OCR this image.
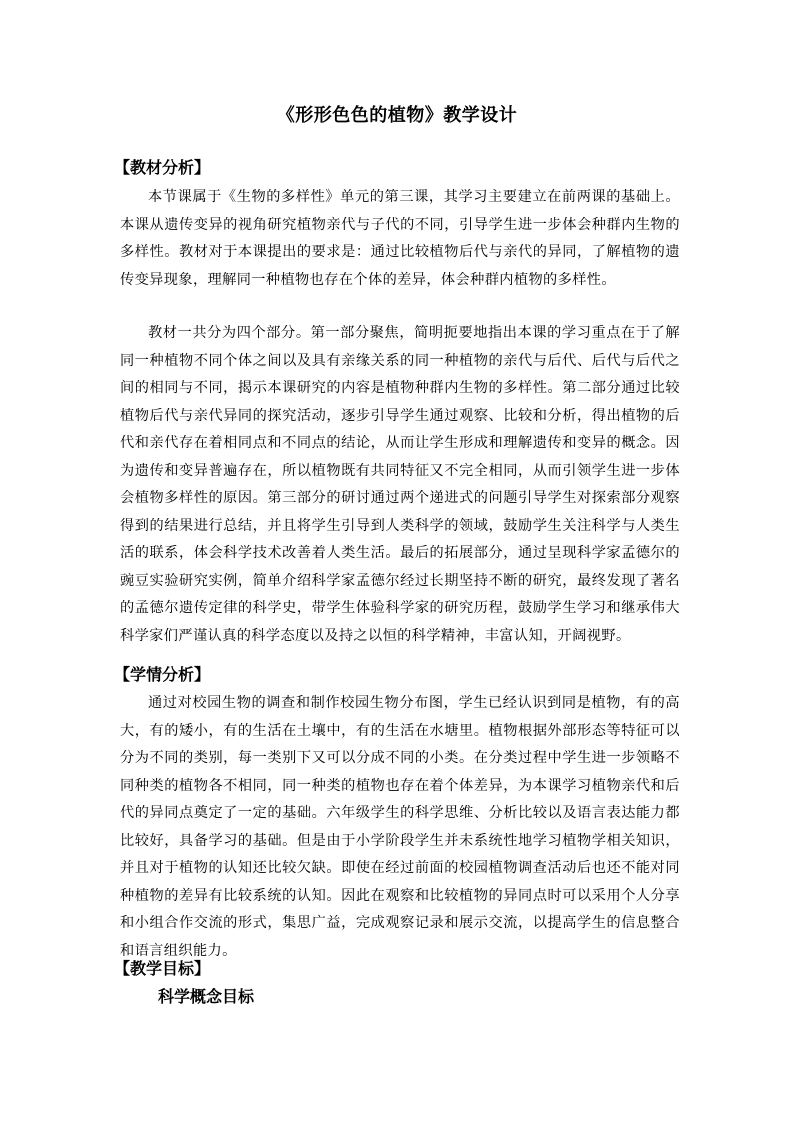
《形形色色的植物》教学设计
【教材分析】

本节课属于《生物的多样性》单元的第三课，其学习主要建立在前两课的基础上。本课从遗传变异的视角研究植物亲代与子代的不同，引导学生进一步体会种群内生物的多样性。教材对于本课提出的要求是：通过比较植物后代与亲代的异同，了解植物的遗传变异现象，理解同一种植物也存在个体的差异，体会种群内植物的多样性。

教材一共分为四个部分。第一部分聚焦，简明扼要地指出本课的学习重点在于了解同一种植物不同个体之间以及具有亲缘关系的同一种植物的亲代与后代、后代与后代之间的相同与不同，揭示本课研究的内容是植物种群内生物的多样性。第二部分通过比较植物后代与亲代异同的探究活动，逐步引导学生通过观察、比较和分析，得出植物的后代和亲代存在着相同点和不同点的结论，从而让学生形成和理解遗传和变异的概念。因为遗传和变异普遍存在，所以植物既有共同特征又不完全相同，从而引领学生进一步体会植物多样性的原因。第三部分的研讨通过两个递进式的问题引导学生对探索部分观察得到的结果进行总结，并且将学生引导到人类科学的领域，鼓励学生关注科学与人类生活的联系，体会科学技术改善着人类生活。最后的拓展部分，通过呈现科学家孟德尔的豌豆实验研究实例，简单介绍科学家孟德尔经过长期坚持不断的研究，最终发现了著名的孟德尔遗传定律的科学史，带学生体验科学家的研究历程，鼓励学生学习和继承伟大科学家们严谨认真的科学态度以及持之以恒的科学精神，丰富认知，开阔视野。

【学情分析】

通过对校园生物的调查和制作校园生物分布图，学生已经认识到同是植物，有的高大，有的矮小，有的生活在土壤中，有的生活在水塘里。植物根据外部形态等特征可以分为不同的类别，每一类别下又可以分成不同的小类。在分类过程中学生进一步领略不同种类的植物各不相同，同一种类的植物也存在着个体差异，为本课学习植物亲代和后代的异同点奠定了一定的基础。六年级学生的科学思维、分析比较以及语言表达能力都比较好，具备学习的基础。但是由于小学阶段学生并未系统性地学习植物学相关知识，并且对于植物的认知还比较欠缺。即使在经过前面的校园植物调查活动后也还不能对同种植物的差异有比较系统的认知。因此在观察和比较植物的异同点时可以采用个人分享和小组合作交流的形式，集思广益，完成观察记录和展示交流，以提高学生的信息整合和语言组织能力。

【教学目标】
科学概念目标
